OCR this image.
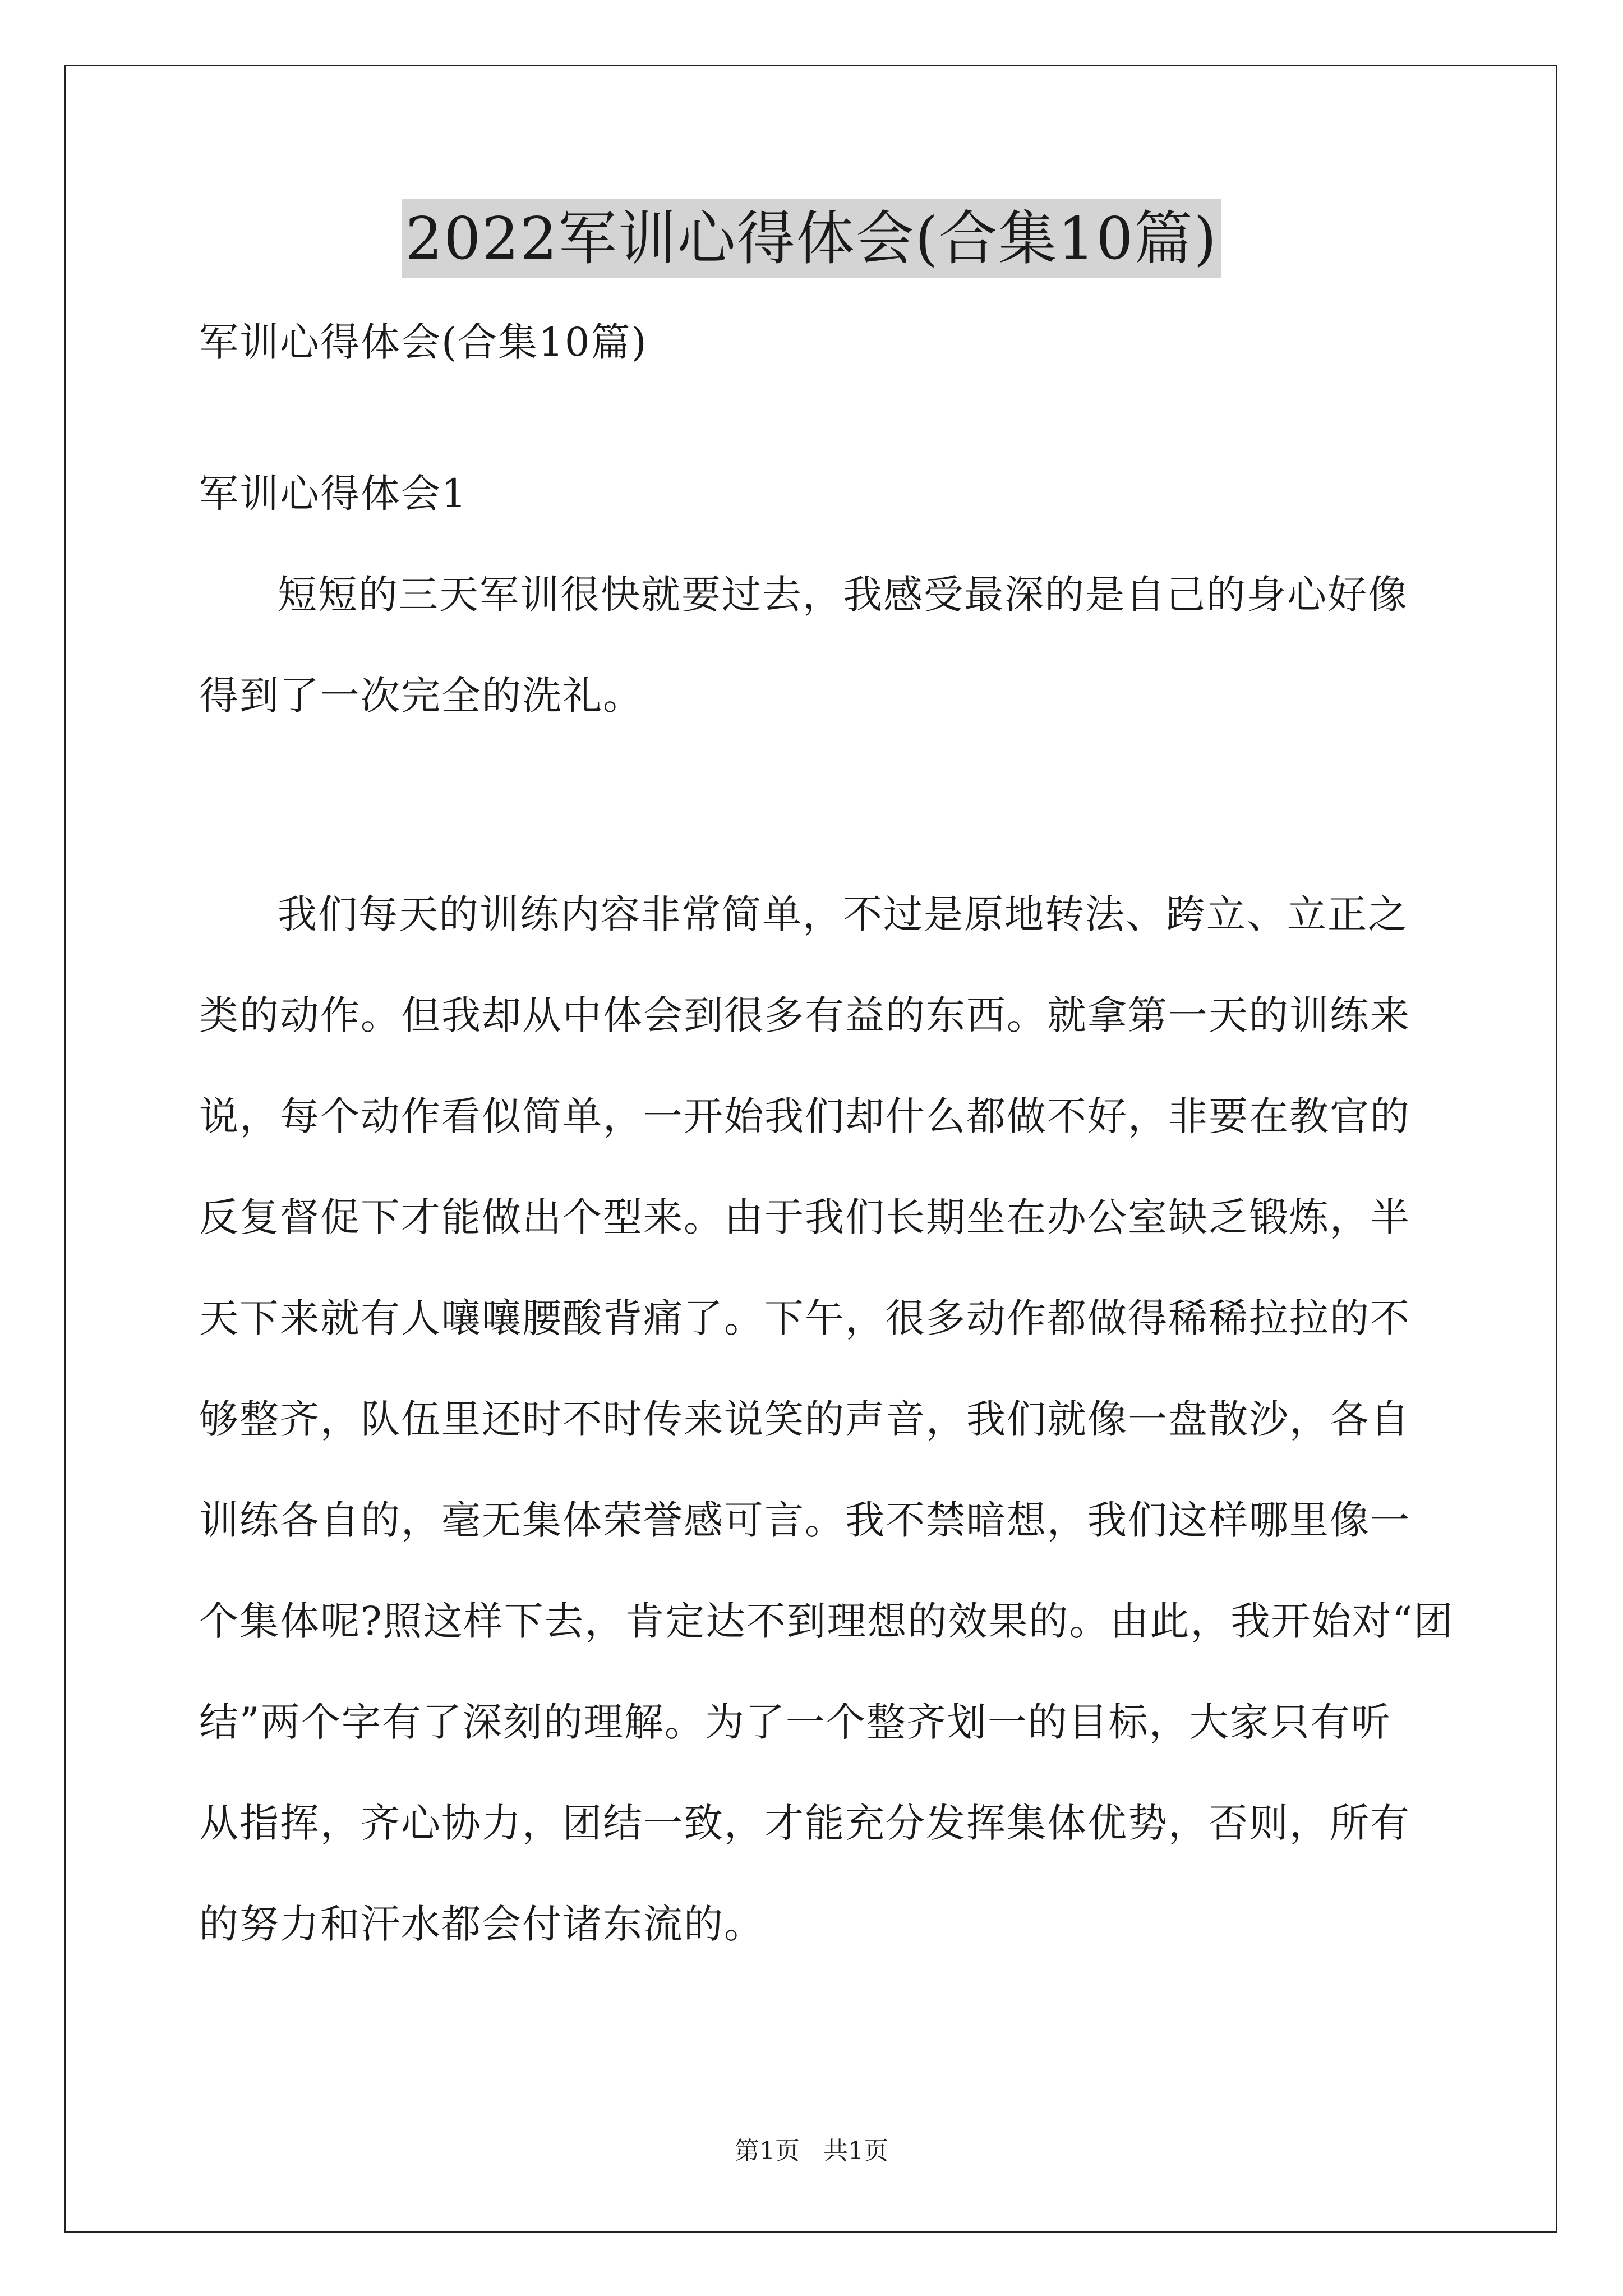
2022军训心得体会(合集10篇)
军训心得体会(合集10篇)
军训心得体会1
短短的三天军训很快就要过去，我感受最深的是自己的身心好像
得到了一次完全的洗礼。
我们每天的训练内容非常简单，不过是原地转法、跨立、立正之
类的动作。但我却从中体会到很多有益的东西。就拿第一天的训练来
说，每个动作看似简单，一开始我们却什么都做不好，非要在教官的
反复督促下才能做出个型来。由于我们长期坐在办公室缺乏锻炼，半
天下来就有人嚷嚷腰酸背痛了。下午，很多动作都做得稀稀拉拉的不
够整齐，队伍里还时不时传来说笑的声音，我们就像一盘散沙，各自
训练各自的，毫无集体荣誉感可言。我不禁暗想，我们这样哪里像一
个集体呢?照这样下去，肯定达不到理想的效果的。由此，我开始对“团
结”两个字有了深刻的理解。为了一个整齐划一的目标，大家只有听
从指挥，齐心协力，团结一致，才能充分发挥集体优势，否则，所有
的努力和汗水都会付诸东流的。
第1页 共1页
